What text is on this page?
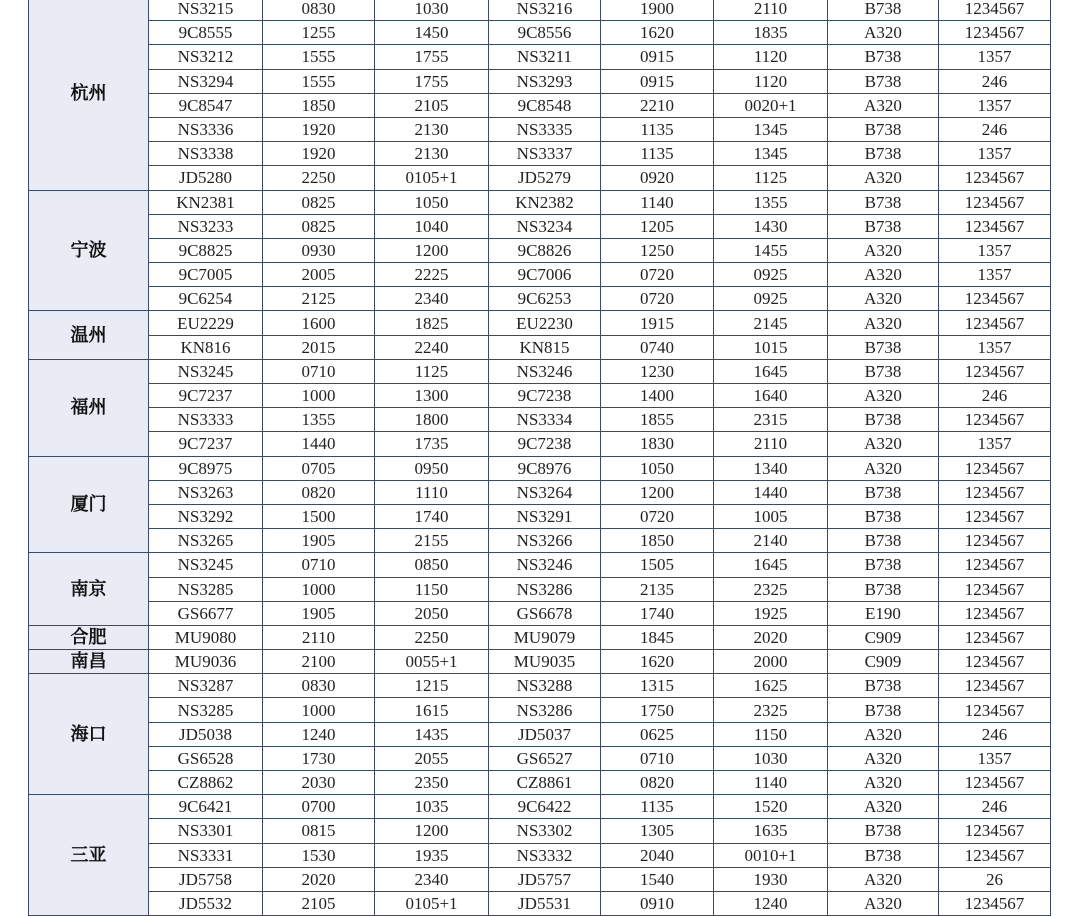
杭州	NS3215	0830	1030	NS3216	1900	2110	B738	1234567
	9C8555	1255	1450	9C8556	1620	1835	A320	1234567
	NS3212	1555	1755	NS3211	0915	1120	B738	1357
	NS3294	1555	1755	NS3293	0915	1120	B738	246
	9C8547	1850	2105	9C8548	2210	0020+1	A320	1357
	NS3336	1920	2130	NS3335	1135	1345	B738	246
	NS3338	1920	2130	NS3337	1135	1345	B738	1357
	JD5280	2250	0105+1	JD5279	0920	1125	A320	1234567
宁波	KN2381	0825	1050	KN2382	1140	1355	B738	1234567
	NS3233	0825	1040	NS3234	1205	1430	B738	1234567
	9C8825	0930	1200	9C8826	1250	1455	A320	1357
	9C7005	2005	2225	9C7006	0720	0925	A320	1357
	9C6254	2125	2340	9C6253	0720	0925	A320	1234567
温州	EU2229	1600	1825	EU2230	1915	2145	A320	1234567
	KN816	2015	2240	KN815	0740	1015	B738	1357
福州	NS3245	0710	1125	NS3246	1230	1645	B738	1234567
	9C7237	1000	1300	9C7238	1400	1640	A320	246
	NS3333	1355	1800	NS3334	1855	2315	B738	1234567
	9C7237	1440	1735	9C7238	1830	2110	A320	1357
厦门	9C8975	0705	0950	9C8976	1050	1340	A320	1234567
	NS3263	0820	1110	NS3264	1200	1440	B738	1234567
	NS3292	1500	1740	NS3291	0720	1005	B738	1234567
	NS3265	1905	2155	NS3266	1850	2140	B738	1234567
南京	NS3245	0710	0850	NS3246	1505	1645	B738	1234567
	NS3285	1000	1150	NS3286	2135	2325	B738	1234567
	GS6677	1905	2050	GS6678	1740	1925	E190	1234567
合肥	MU9080	2110	2250	MU9079	1845	2020	C909	1234567
南昌	MU9036	2100	0055+1	MU9035	1620	2000	C909	1234567
海口	NS3287	0830	1215	NS3288	1315	1625	B738	1234567
	NS3285	1000	1615	NS3286	1750	2325	B738	1234567
	JD5038	1240	1435	JD5037	0625	1150	A320	246
	GS6528	1730	2055	GS6527	0710	1030	A320	1357
	CZ8862	2030	2350	CZ8861	0820	1140	A320	1234567
三亚	9C6421	0700	1035	9C6422	1135	1520	A320	246
	NS3301	0815	1200	NS3302	1305	1635	B738	1234567
	NS3331	1530	1935	NS3332	2040	0010+1	B738	1234567
	JD5758	2020	2340	JD5757	1540	1930	A320	26
	JD5532	2105	0105+1	JD5531	0910	1240	A320	1234567
